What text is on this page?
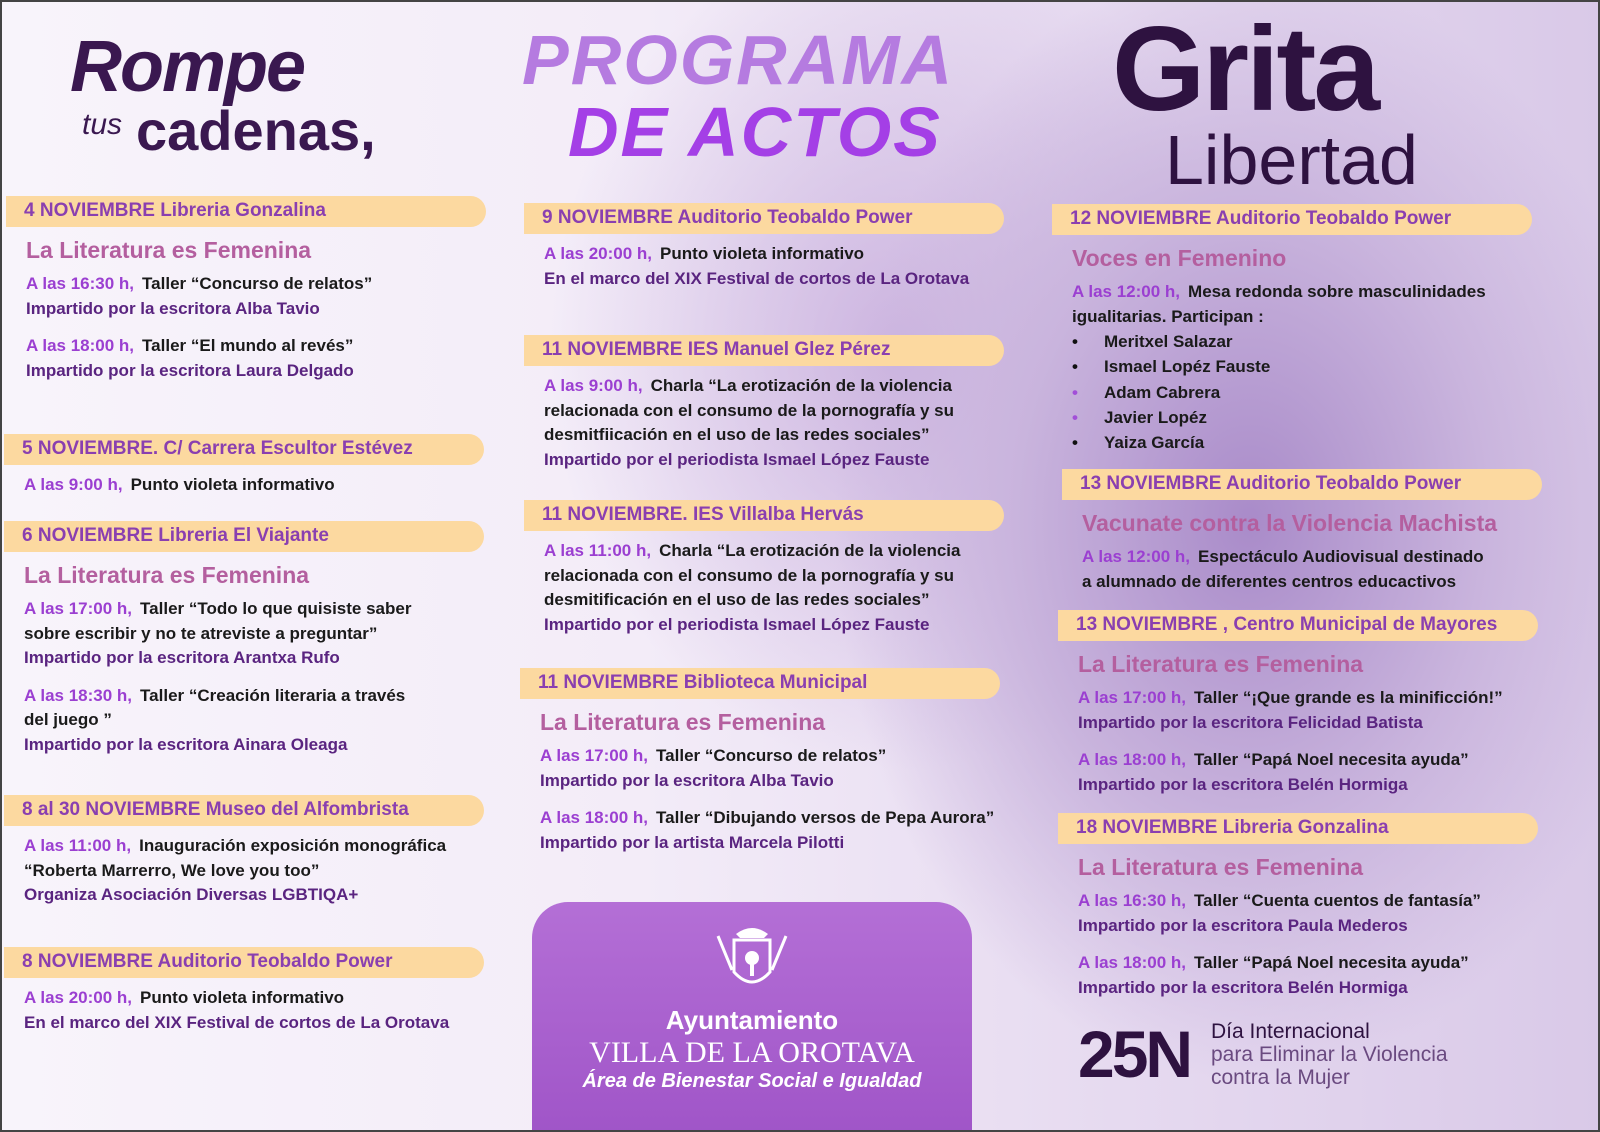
Rompe
tus cadenas,
PROGRAMA
DE ACTOS Grita
Libertad
4 NOVIEMBRE Libreria Gonzalina
La Literatura es Femenina
A las 16:30 h, Taller “Concurso de relatos”
Impartido por la escritora Alba Tavio
A las 18:00 h, Taller “El mundo al revés”
Impartido por la escritora Laura Delgado
5 NOVIEMBRE. C/ Carrera Escultor Estévez
A las 9:00 h, Punto violeta informativo
6 NOVIEMBRE Libreria El Viajante
La Literatura es Femenina
A las 17:00 h, Taller “Todo lo que quisiste saber
sobre escribir y no te atreviste a preguntar”
Impartido por la escritora Arantxa Rufo
A las 18:30 h, Taller “Creación literaria a través
del juego ”
Impartido por la escritora Ainara Oleaga
8 al 30 NOVIEMBRE Museo del Alfombrista
A las 11:00 h, Inauguración exposición monográfica
“Roberta Marrerro, We love you too”
Organiza Asociación Diversas LGBTIQA+
8 NOVIEMBRE Auditorio Teobaldo Power
A las 20:00 h, Punto violeta informativo
En el marco del XIX Festival de cortos de La Orotava
9 NOVIEMBRE Auditorio Teobaldo Power
A las 20:00 h, Punto violeta informativo
En el marco del XIX Festival de cortos de La Orotava
11 NOVIEMBRE IES Manuel Glez Pérez
A las 9:00 h, Charla “La erotización de la violencia
relacionada con el consumo de la pornografía y su
desmitfiicación en el uso de las redes sociales”
Impartido por el periodista Ismael López Fauste
11 NOVIEMBRE. IES Villalba Hervás
A las 11:00 h, Charla “La erotización de la violencia
relacionada con el consumo de la pornografía y su
desmitificación en el uso de las redes sociales”
Impartido por el periodista Ismael López Fauste
11 NOVIEMBRE Biblioteca Municipal
La Literatura es Femenina
A las 17:00 h, Taller “Concurso de relatos”
Impartido por la escritora Alba Tavio
A las 18:00 h, Taller “Dibujando versos de Pepa Aurora”
Impartido por la artista Marcela Pilotti
12 NOVIEMBRE Auditorio Teobaldo Power
Voces en Femenino
A las 12:00 h, Mesa redonda sobre masculinidades
igualitarias. Participan :
•	Meritxel Salazar
•	Ismael Lopéz Fauste
•	Adam Cabrera
•	Javier Lopéz
•	Yaiza García
13 NOVIEMBRE Auditorio Teobaldo Power
Vacunate contra la Violencia Machista
A las 12:00 h, Espectáculo Audiovisual destinado
a alumnado de diferentes centros educactivos
13 NOVIEMBRE , Centro Municipal de Mayores
La Literatura es Femenina
A las 17:00 h, Taller “¡Que grande es la minificción!”
Impartido por la escritora Felicidad Batista
A las 18:00 h, Taller “Papá Noel necesita ayuda”
Impartido por la escritora Belén Hormiga
18 NOVIEMBRE Libreria Gonzalina
La Literatura es Femenina
A las 16:30 h, Taller “Cuenta cuentos de fantasía”
Impartido por la escritora Paula Mederos
A las 18:00 h, Taller “Papá Noel necesita ayuda”
Impartido por la escritora Belén Hormiga
Ayuntamiento
VILLA DE LA OROTAVA
Área de Bienestar Social e Igualdad	25N Día Internacional
para Eliminar la Violencia
contra la Mujer
